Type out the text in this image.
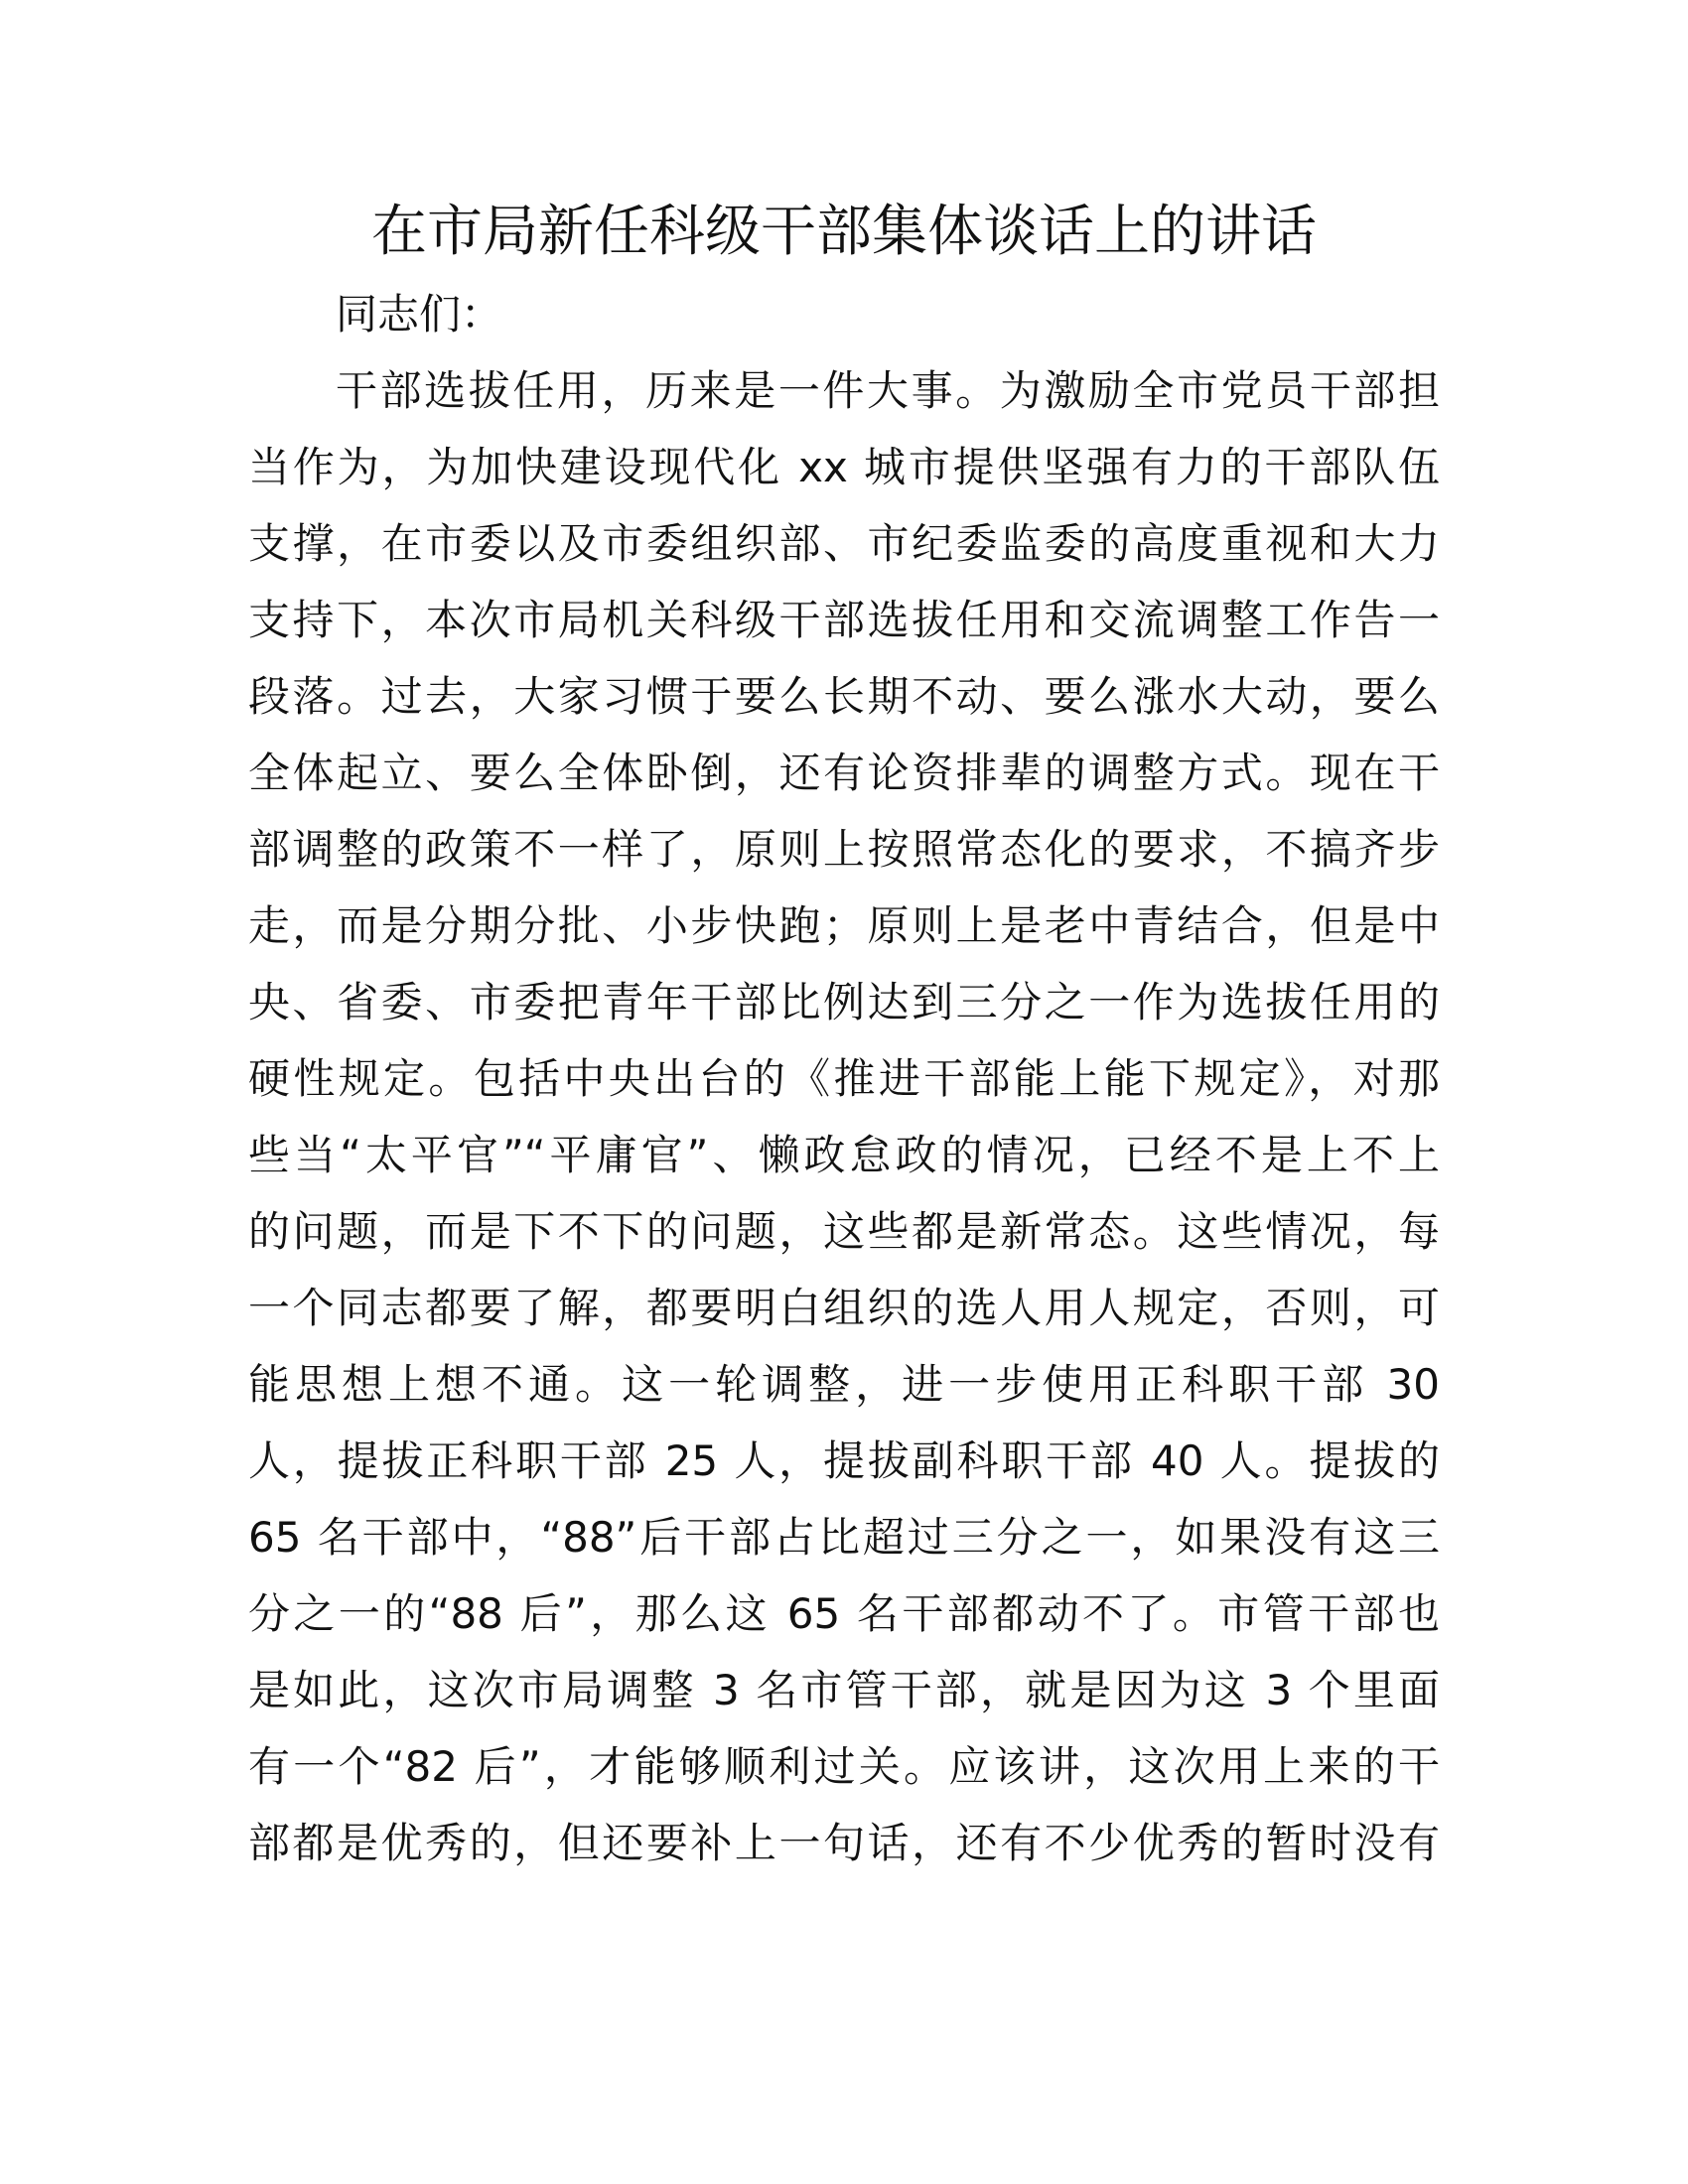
在市局新任科级干部集体谈话上的讲话
同志们：
干部选拔任用，历来是一件大事。为激励全市党员干部担
当作为，为加快建设现代化 xx 城市提供坚强有力的干部队伍
支撑，在市委以及市委组织部、市纪委监委的高度重视和大力
支持下，本次市局机关科级干部选拔任用和交流调整工作告一
段落。过去，大家习惯于要么长期不动、要么涨水大动，要么
全体起立、要么全体卧倒，还有论资排辈的调整方式。现在干
部调整的政策不一样了，原则上按照常态化的要求，不搞齐步
走，而是分期分批、小步快跑；原则上是老中青结合，但是中
央、省委、市委把青年干部比例达到三分之一作为选拔任用的
硬性规定。包括中央出台的《推进干部能上能下规定》，对那
些当“太平官”“平庸官”、懒政怠政的情况，已经不是上不上
的问题，而是下不下的问题，这些都是新常态。这些情况，每
一个同志都要了解，都要明白组织的选人用人规定，否则，可
能思想上想不通。这一轮调整，进一步使用正科职干部 30
人，提拔正科职干部 25 人，提拔副科职干部 40 人。提拔的
65 名干部中，“88”后干部占比超过三分之一，如果没有这三
分之一的“88 后”，那么这 65 名干部都动不了。市管干部也
是如此，这次市局调整 3 名市管干部，就是因为这 3 个里面
有一个“82 后”，才能够顺利过关。应该讲，这次用上来的干
部都是优秀的，但还要补上一句话，还有不少优秀的暂时没有
